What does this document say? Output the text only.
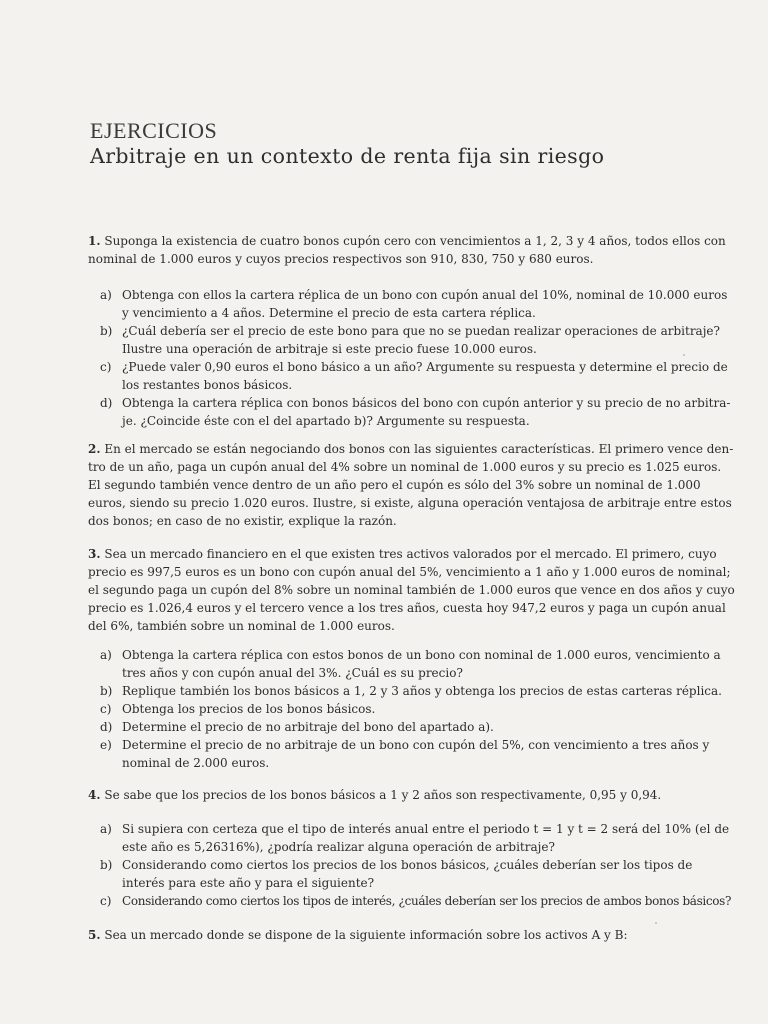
EJERCICIOS
Arbitraje en un contexto de renta fija sin riesgo
1. Suponga la existencia de cuatro bonos cupón cero con vencimientos a 1, 2, 3 y 4 años, todos ellos con
nominal de 1.000 euros y cuyos precios respectivos son 910, 830, 750 y 680 euros.
a) Obtenga con ellos la cartera réplica de un bono con cupón anual del 10%, nominal de 10.000 euros
y vencimiento a 4 años. Determine el precio de esta cartera réplica.
b) ¿Cuál debería ser el precio de este bono para que no se puedan realizar operaciones de arbitraje?
Ilustre una operación de arbitraje si este precio fuese 10.000 euros.
c) ¿Puede valer 0,90 euros el bono básico a un año? Argumente su respuesta y determine el precio de
los restantes bonos básicos.
d) Obtenga la cartera réplica con bonos básicos del bono con cupón anterior y su precio de no arbitra-
je. ¿Coincide éste con el del apartado b)? Argumente su respuesta.
2. En el mercado se están negociando dos bonos con las siguientes características. El primero vence den-
tro de un año, paga un cupón anual del 4% sobre un nominal de 1.000 euros y su precio es 1.025 euros.
El segundo también vence dentro de un año pero el cupón es sólo del 3% sobre un nominal de 1.000
euros, siendo su precio 1.020 euros. Ilustre, si existe, alguna operación ventajosa de arbitraje entre estos
dos bonos; en caso de no existir, explique la razón.
3. Sea un mercado financiero en el que existen tres activos valorados por el mercado. El primero, cuyo
precio es 997,5 euros es un bono con cupón anual del 5%, vencimiento a 1 año y 1.000 euros de nominal;
el segundo paga un cupón del 8% sobre un nominal también de 1.000 euros que vence en dos años y cuyo
precio es 1.026,4 euros y el tercero vence a los tres años, cuesta hoy 947,2 euros y paga un cupón anual
del 6%, también sobre un nominal de 1.000 euros.
a) Obtenga la cartera réplica con estos bonos de un bono con nominal de 1.000 euros, vencimiento a
tres años y con cupón anual del 3%. ¿Cuál es su precio?
b) Replique también los bonos básicos a 1, 2 y 3 años y obtenga los precios de estas carteras réplica.
c) Obtenga los precios de los bonos básicos.
d) Determine el precio de no arbitraje del bono del apartado a).
e) Determine el precio de no arbitraje de un bono con cupón del 5%, con vencimiento a tres años y
nominal de 2.000 euros.
4. Se sabe que los precios de los bonos básicos a 1 y 2 años son respectivamente, 0,95 y 0,94.
a) Si supiera con certeza que el tipo de interés anual entre el periodo t = 1 y t = 2 será del 10% (el de
este año es 5,26316%), ¿podría realizar alguna operación de arbitraje?
b) Considerando como ciertos los precios de los bonos básicos, ¿cuáles deberían ser los tipos de
interés para este año y para el siguiente?
c) Considerando como ciertos los tipos de interés, ¿cuáles deberían ser los precios de ambos bonos básicos?
5. Sea un mercado donde se dispone de la siguiente información sobre los activos A y B:
